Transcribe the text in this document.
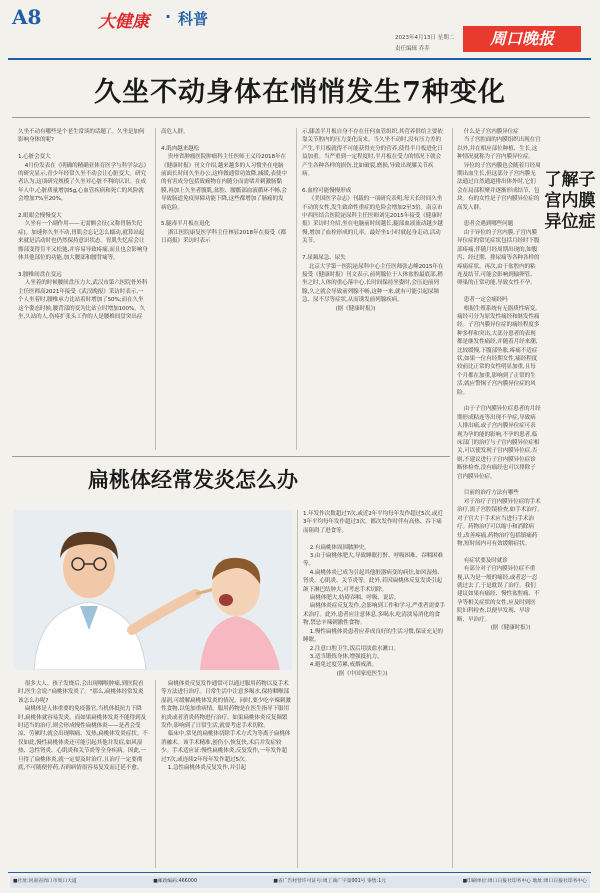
A8	大健康 · 科普
2023年4月13日 星期二
责任编辑 乔乔
周口晚报
久坐不动身体在悄悄发生7种变化
久坐不动有哪些是个老生常谈的话题了。久坐是加何影响身体的呢?

1.心脏会变大
4月份发表在《明确的精确亚体育医学与科学杂志》的研究显示,青少年经常久坐不动会让心脏变大。研究者认为,这项研究规模了久坐对心脏不利的认识。在成年人中,心脏质量增加5g,心血管疾病和死亡的风险就会增加7%至20%。

2.眼眼会慢慢变大
久坐有一个副作用——无需额会征(又称胃肠失纪症)。加速你久坐不动,胃肌会忘记怎么蠕动,就算站起来就是活动时也仍然保持意识状态。胃肌失忆症会让髂部变得肯平又松弛,并容易导致疼痛,而且也会影响身体其他部位的功能,加大腰部和腰背痛等。

3.腰椎间盘在变远
人坐着的时候腰间盘压力大,武汉市第六医院骨外科主任医师高2021年接受《武汉晚报》采访时表示,一个人坐着时,腰椎承力比站着时增加了50%;而在久坐这个姿态时候,腰背部的变为比站立时增加100%。久坐,久站的人,伤疼扩张头工作的人是腰椎间盘突出症
高危人群。

4.肌肉越来越松
贵州省肿瘤医院肿瘤科主任医师王义玲2018年在《健康时报》刊文介绍,越来越多的人习惯坐在电脑前面长时间久坐办公,这样做通常功效降,減缓,表使中的有害成分包括致癌物在内随分而需堵并刺激肠黏膜,再加上久坐者腹肌,盆腔、腰骶部血液循环不畅,会导致肠道免疫屏障功能下降,这些都增加了肠癌的发病危险。

5.腿毒半月板在退化
浙江医院康复医学科主任林显2018年在接受《都日商报》采访时表示
示,膝盖半月板自身不存在任何血管组织,其营养供给主要依靠关节腔内的压力变化而来。当久坐不动时,没有压力差的产生,半月板就得不可能获得充分的营养,使得半月板进化日益加重。当严重到一定程度时,半月板在受力的情况下就会产生各种各样的损伤,比如破裂,磨损,导致出现膝关节疾病。

6.血栓可能慢慢形成
《美国医学杂志》刊载的一项研究表明,每天长时间久坐不动的女性,发生致命性重症的危险会增加2至3倍。南京市中西医结合医院泌尿科主任医师刘宪2015年接受《健康时报》采访时介绍,坐在电脑前时间越长,腿部血液流动越少越慢,增加了血栓形成的几率。最好坐1小时就起身走动,活动关节。

7.尿频尿急、尿失
北京大学第一医院泌尿科中心主任医师张志峰2015年在接受《健康时报》刊文表示,前列腺位于人体盆腔最底部,稍坐之时,人体的重心落中心,长时间保持坐姿时,会压迫前列腺,久之就会导致前列腺不畅,这种一来,就有可能引起尿频急、尿不尽等症状,从而诱发前列腺疾病。
(据《健康时报》)
什么是子宫内膜异位症
当子宫腔面的内膜组织出现在宫以外,并在相应部位种植、生长,这种情况就称为子宫内膜异位症。
异位的子宫内膜也会随着月经周期出血生长,但这部分子宫内膜无法通过自然通道排出体外时,它们会在局部积聚并逐渐形成结节、包块。有的女性是子宫内膜异位症的高发人群。

患者会遇到哪些问题
由于异位的子宫内膜,子宫内膜异位症的常见症状包括月经时下腹部疼痛,伴随月经周期出现的,如腹泻、经过期、排尿痛等各种各样的疼痛症状。再次,由于盆腔内的粘连及结节,可能会影响到输卵管、卵巢的正常功能,导致女性不孕。

患者一定会痛经吗
根据生殖系统有无器质性病变,痛经可分为原发性痛经和继发性痛经。子宫内膜异位症的痛经程度多种多样和突出,大部分患者的表现都是继发性痛经,并随着月经来潮,比较缓慢,下腹部坠胀,疼痛不适症状,如果一位有经期女性,痛经程度较前比正常的女性明显加重,且每个月都在加重,影响到了正常的生活,就应警惕子宫内膜异位症的风险。

由于子宫内膜异位症患者的月经期形成粘连等出现不孕症,导致病人排出痛,或子宫内膜异位症可表现为孕的能的影响,不孕的患者,临床部门的治疗与子宫内膜异位症相关,可以使发现子宫内膜异位症,否则,不建议进行子宫内膜异位症诊断体检查,没有痛经也可以排除子宫内膜异位症。

目前的治疗方法有哪些
对于治疗子宫内膜异位症的手术治疗,需子宫腔镜检查,如手术治疗,对子宫大于手术应当进行手术治疗。药物治疗可以缩小和消除病灶,改善疼痛,药物治疗包括镇痛药物,短时间内可有效缓解症状。

有症状要及时就诊
有部分对子宫内膜异位症不重视,认为是一般的痛经,或者忍一忍就过去了,于是耽误了治疗。我们建议如果有痛经、慢性盆腔痛、不孕等相关症状的女性,应及时到医院妇科检查,以便早发现、早诊断、早治疗。
(据《健康时报》)
了解子宫内膜异位症
扁桃体经常发炎怎么办
很多大人、孩子发烧后,会出现咽喉肿痛,到医院看时,医生会说:"扁桃体发炎了。"那么,扁桃体经常发炎该怎么办呢?
扁桃体是人体重要的免疫器官,当机体抵抗力下降时,扁桃体就容易发炎。而如果扁桃体发炎不能得到及时适当的治疗,则会形成慢性扁桃体炎——是者会受凉、劳累时,就会出现咽痛、发热,扁桃体发炎症状。不仅如此,慢性扁桃体炎还可能引起其他并发症,如风湿热、急性肾炎、心肌炎和关节炎等全身疾病。因此,一旦得了扁桃体炎,就一定要及时治疗,且治疗一定要彻底,不可随便停药,否则病情很容易复发而迁延不愈。
扁桃体炎反复发作通常可以通过服用药物以及手术等方法进行治疗。日常生活中注意多喝水,保持咽喉部湿润,可缓解扁桃体发炎的情况。同时,要少吃辛辣刺激性食物,以免加重病情。服用药物是在医生指导下服用抗炎或者消炎药物进行治疗。如果扁桃体炎反复频繁发作,影响到了日常生活,就要考虑手术切除。
临床中,常见的扁桃体切除手术方式为等离子扁桃体消融术。该手术精准,创伤小,恢复快,术后并发症较少。手术适应证:慢性扁桃体炎,反复发作,一年发作超过7次,或连续2年每年发作超过5次。
1.急性扁桃体炎反复发作,并引起
1.年发作次数超过7次,或近2年平均每年发作超过5次,或近3年平均每年发作超过3次。都次发作时伴有高热、吞下痛而阻碍了进食等。

2.有扁桃体周围脓肿史。
3.由于扁桃体肥大,导致睡眠打鼾、呼吸困难、吞咽困难等。
4.扁桃体炎已成为引起其他脏器病变的病灶,如风湿热、肾炎、心肌炎、关节炎等。此外,若因扁桃体反复发炎引起颌下淋巴结肿大,可考虑手术切除。
扁桃体肥大,妨碍吞咽、呼吸、说话。
扁桃体炎症反复发作,会影响到工作和学习,严重者需要手术治疗。此外,患者应注意休息,多喝水,吃清淡易消化的食物,禁忌辛辣刺激性食物。
1.慢性扁桃体炎患者应养成良好的生活习惯,保证充足的睡眠。
2.注意口腔卫生,饭后用淡盐水漱口。
3.适当锻炼身体,增强抵抗力。
4.避免过度劳累,戒烟戒酒。
(据《中国家庭医生》)
■社址:河南省周口市周口大道	■邮政编码:466000	■省广告经营许可证号:周工商广字第001号 零售:1元	■印刷单位:周口日报社印务中心 地址:周口日报社印务中心
